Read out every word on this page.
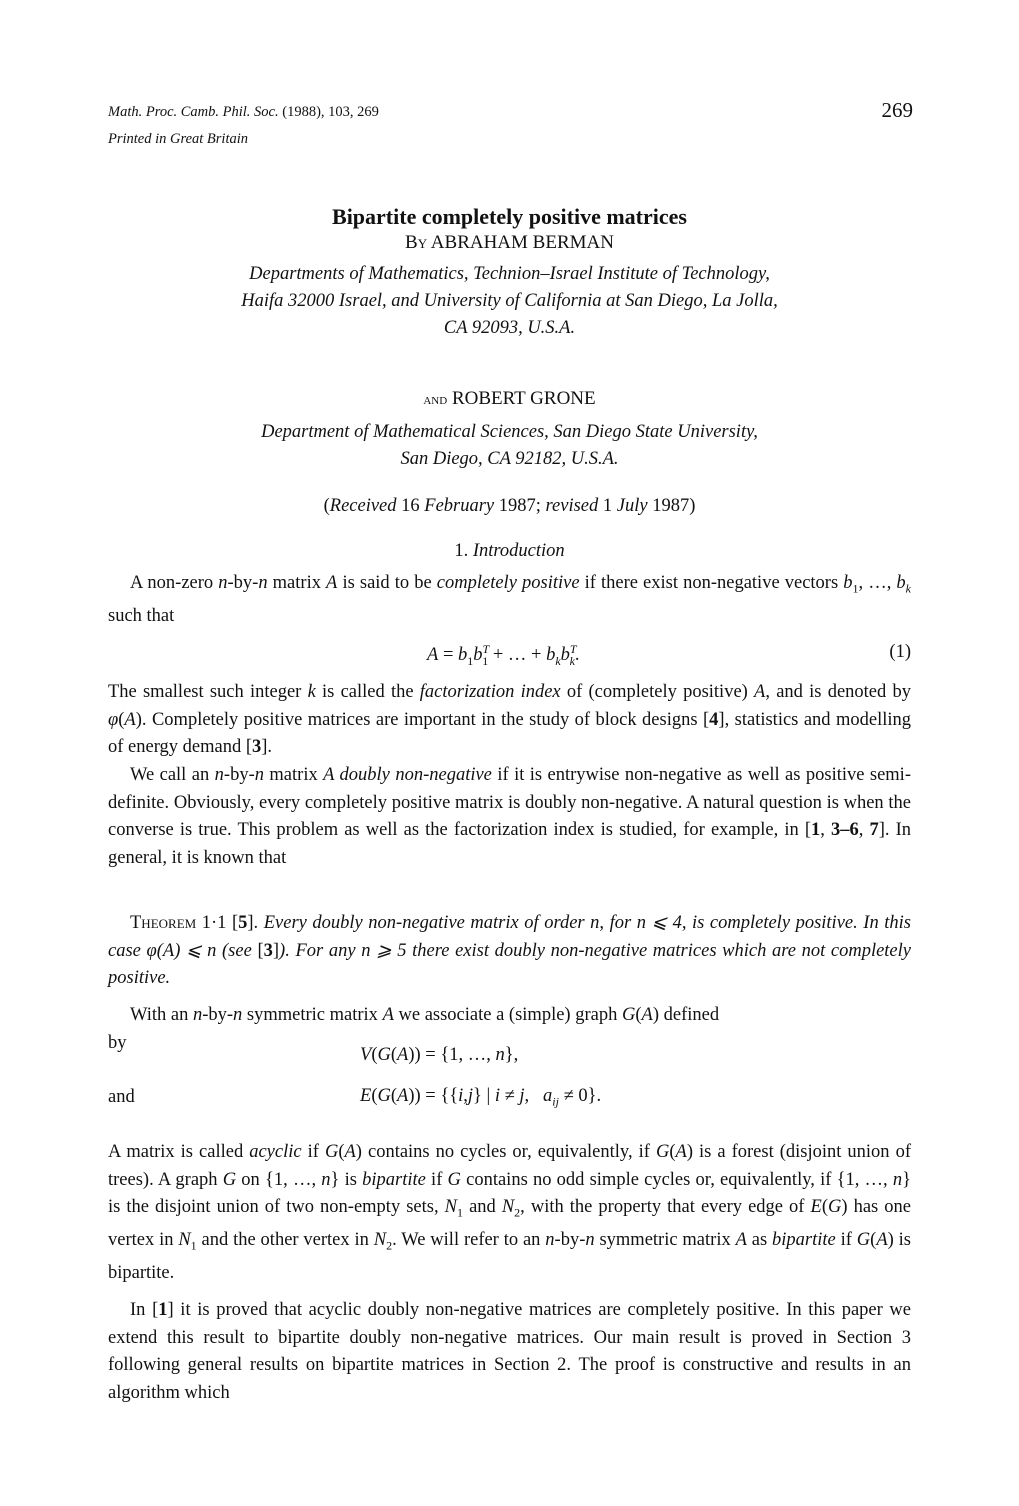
Math. Proc. Camb. Phil. Soc. (1988), 103, 269
Printed in Great Britain
269
Bipartite completely positive matrices
By ABRAHAM BERMAN
Departments of Mathematics, Technion–Israel Institute of Technology,
Haifa 32000 Israel, and University of California at San Diego, La Jolla,
CA 92093, U.S.A.
and ROBERT GRONE
Department of Mathematical Sciences, San Diego State University,
San Diego, CA 92182, U.S.A.
(Received 16 February 1987; revised 1 July 1987)
1. Introduction
A non-zero n-by-n matrix A is said to be completely positive if there exist non-negative vectors $b_1$, …, $b_k$ such that
$A = b_1b^T_1$ + … + $b_kb^T_k$.	(1)
The smallest such integer k is called the factorization index of (completely positive) A, and is denoted by φ(A). Completely positive matrices are important in the study of block designs [4], statistics and modelling of energy demand [3].
We call an n-by-n matrix A doubly non-negative if it is entrywise non-negative as well as positive semi-definite. Obviously, every completely positive matrix is doubly non-negative. A natural question is when the converse is true. This problem as well as the factorization index is studied, for example, in [1, 3–6, 7]. In general, it is known that
Theorem 1·1 [5]. Every doubly non-negative matrix of order n, for n ⩽ 4, is completely positive. In this case φ(A) ⩽ n (see [3]). For any n ⩾ 5 there exist doubly non-negative matrices which are not completely positive.
With an n-by-n symmetric matrix A we associate a (simple) graph G(A) defined
by
V(G(A)) = {1, …, n},
and	E(G(A)) = {{i,j} | i ≠ j,   $a_{ij} \ne 0$}.
A matrix is called acyclic if G(A) contains no cycles or, equivalently, if G(A) is a forest (disjoint union of trees). A graph G on {1, …, n} is bipartite if G contains no odd simple cycles or, equivalently, if {1, …, n} is the disjoint union of two non-empty sets, $N_1$ and $N_2$, with the property that every edge of E(G) has one vertex in $N_1$ and the other vertex in $N_2$. We will refer to an n-by-n symmetric matrix A as bipartite if G(A) is bipartite.
In [1] it is proved that acyclic doubly non-negative matrices are completely positive. In this paper we extend this result to bipartite doubly non-negative matrices. Our main result is proved in Section 3 following general results on bipartite matrices in Section 2. The proof is constructive and results in an algorithm which
